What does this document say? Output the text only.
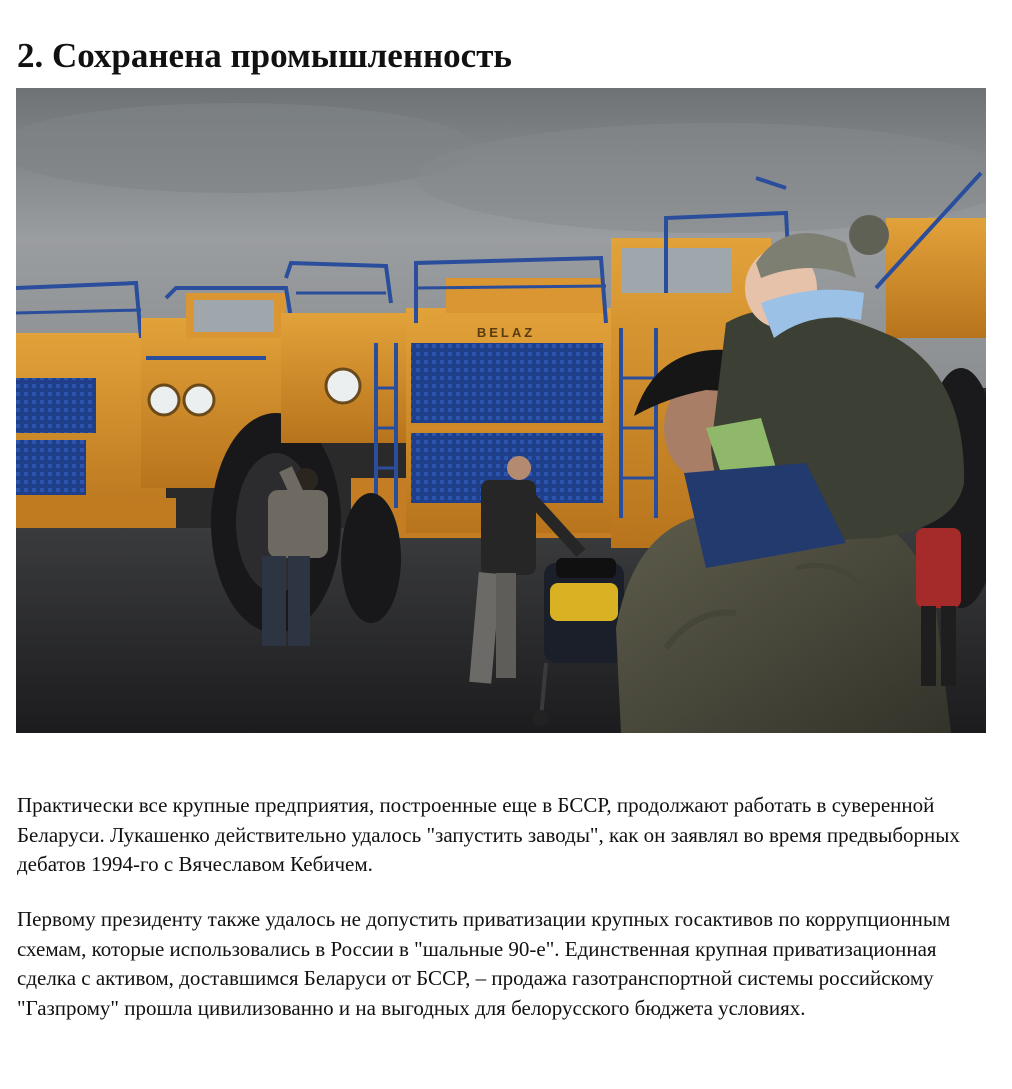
2. Сохранена промышленность
BELAZ

Практически все крупные предприятия, построенные еще в БССР, продолжают работать в суверенной Беларуси. Лукашенко действительно удалось "запустить заводы", как он заявлял во время предвыборных дебатов 1994-го с Вячеславом Кебичем.

Первому президенту также удалось не допустить приватизации крупных госактивов по коррупционным схемам, которые использовались в России в "шальные 90-е". Единственная крупная приватизационная сделка с активом, доставшимся Беларуси от БССР, – продажа газотранспортной системы российскому "Газпрому" прошла цивилизованно и на выгодных для белорусского бюджета условиях.
